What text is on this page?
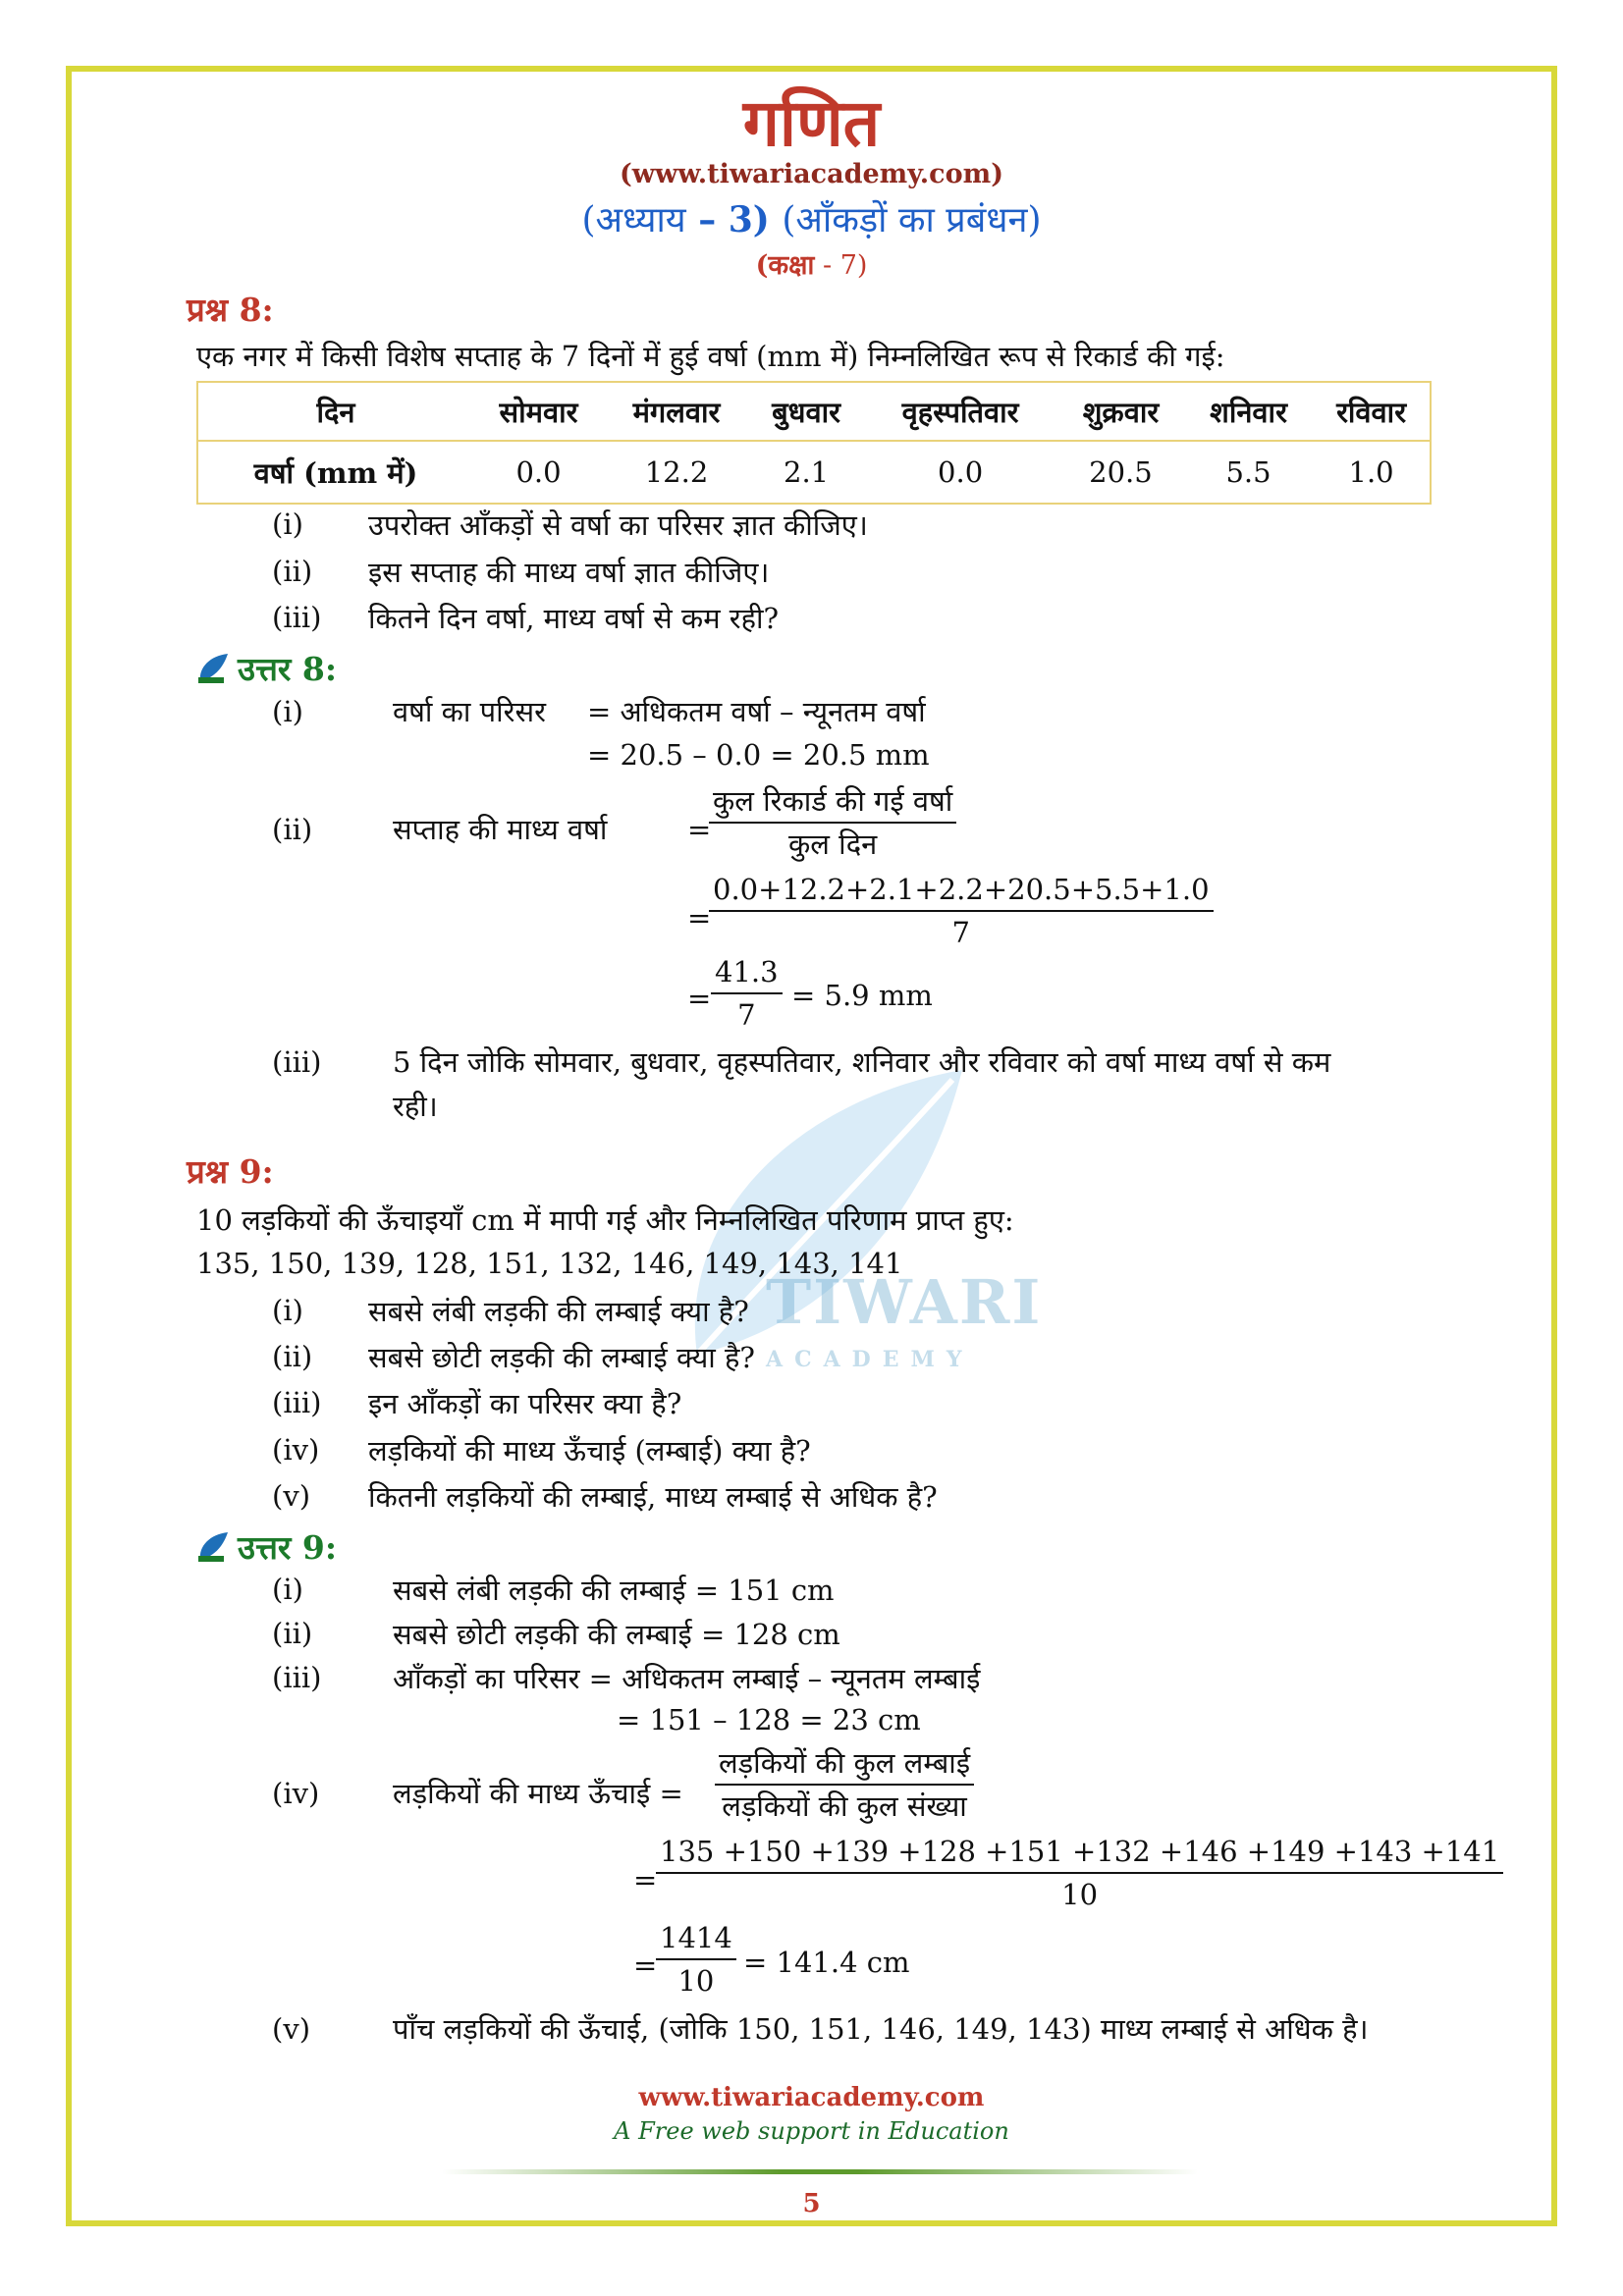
TIWARI
ACADEMY
गणित
(www.tiwariacademy.com)
(अध्याय – 3) (आँकड़ों का प्रबंधन)
(कक्षा - 7)
प्रश्न 8:
एक नगर में किसी विशेष सप्ताह के 7 दिनों में हुई वर्षा (mm में) निम्नलिखित रूप से रिकार्ड की गई:
दिन	सोमवार	मंगलवार	बुधवार	वृहस्पतिवार	शुक्रवार	शनिवार	रविवार
वर्षा (mm में)	0.0	12.2	2.1	0.0	20.5	5.5	1.0
(i) उपरोक्त आँकड़ों से वर्षा का परिसर ज्ञात कीजिए।
(ii) इस सप्ताह की माध्य वर्षा ज्ञात कीजिए।
(iii) कितने दिन वर्षा, माध्य वर्षा से कम रही?
उत्तर 8:
(i)	वर्षा का परिसर = अधिकतम वर्षा – न्यूनतम वर्षा
= 20.5 – 0.0 = 20.5 mm
(ii)	सप्ताह की माध्य वर्षा	=
कुल रिकार्ड की गई वर्षा
कुल दिन
=
$\frac{0.0+12.2+2.1+2.2+20.5+5.5+1.0}{7}$
= $\frac{41.3}{7} = 5.9$ mm
(iii)	5 दिन जोकि सोमवार, बुधवार, वृहस्पतिवार, शनिवार और रविवार को वर्षा माध्य वर्षा से कम
रही।
प्रश्न 9:
10 लड़कियों की ऊँचाइयाँ cm में मापी गई और निम्नलिखित परिणाम प्राप्त हुए:
135, 150, 139, 128, 151, 132, 146, 149, 143, 141
(i) सबसे लंबी लड़की की लम्बाई क्या है?
(ii) सबसे छोटी लड़की की लम्बाई क्या है?
(iii) इन आँकड़ों का परिसर क्या है?
(iv) लड़कियों की माध्य ऊँचाई (लम्बाई) क्या है?
(v) कितनी लड़कियों की लम्बाई, माध्य लम्बाई से अधिक है?
उत्तर 9:
(i)	सबसे लंबी लड़की की लम्बाई = 151 cm
(ii)	सबसे छोटी लड़की की लम्बाई = 128 cm
(iii)	आँकड़ों का परिसर = अधिकतम लम्बाई – न्यूनतम लम्बाई
= 151 – 128 = 23 cm
(iv)	लड़कियों की माध्य ऊँचाई =
लड़कियों की कुल लम्बाई
लड़कियों की कुल संख्या
=
$\frac{135 +150 +139 +128 +151 +132 +146 +149 +143 +141}{10}$
=
$\frac{1414}{10} = 141.4$ cm
(v)	पाँच लड़कियों की ऊँचाई, (जोकि 150, 151, 146, 149, 143) माध्य लम्बाई से अधिक है।
www.tiwariacademy.com
A Free web support in Education
5
